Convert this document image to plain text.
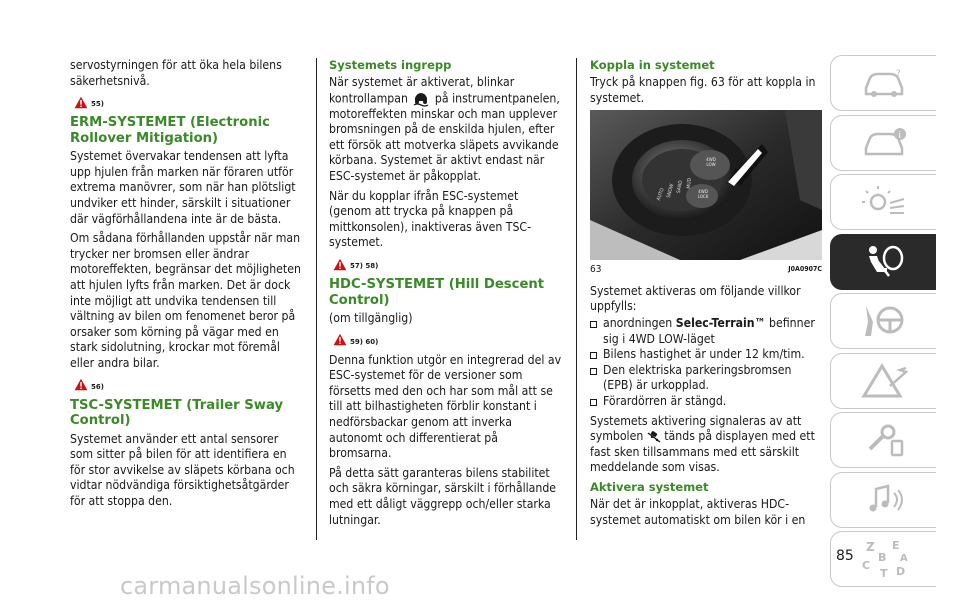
servostyrningen för att öka hela bilens säkerhetsnivå.

55)
ERM-SYSTEMET (Electronic Rollover Mitigation)

Systemet övervakar tendensen att lyfta upp hjulen från marken när föraren utför extrema manövrer, som när han plötsligt undviker ett hinder, särskilt i situationer där vägförhållandena inte är de bästa.

Om sådana förhållanden uppstår när man trycker ner bromsen eller ändrar motoreffekten, begränsar det möjligheten att hjulen lyfts från marken. Det är dock inte möjligt att undvika tendensen till vältning av bilen om fenomenet beror på orsaker som körning på vägar med en stark sidolutning, krockar mot föremål eller andra bilar.

56)
TSC-SYSTEMET (Trailer Sway Control)

Systemet använder ett antal sensorer som sitter på bilen för att identifiera en för stor avvikelse av släpets körbana och vidtar nödvändiga försiktighetsåtgärder för att stoppa den.

Systemets ingrepp

När systemet är aktiverat, blinkar kontrollampan på instrumentpanelen, motoreffekten minskar och man upplever bromsningen på de enskilda hjulen, efter ett försök att motverka släpets avvikande körbana. Systemet är aktivt endast när ESC-systemet är påkopplat.

När du kopplar ifrån ESC-systemet (genom att trycka på knappen på mittkonsolen), inaktiveras även TSC-systemet.

57) 58)
HDC-SYSTEMET (Hill Descent Control)

(om tillgänglig)

59) 60)

Denna funktion utgör en integrerad del av ESC-systemet för de versioner som försetts med den och har som mål att se till att bilhastigheten förblir konstant i nedförsbackar genom att inverka autonomt och differentierat på bromsarna.

På detta sätt garanteras bilens stabilitet och säkra körningar, särskilt i förhållande med ett dåligt väggrepp och/eller starka lutningar.

Koppla in systemet

Tryck på knappen fig. 63 för att koppla in systemet.

AUTO SNOW SAND MUD
4WD LOW
4WD LOCK
63	J0A0907C

Systemet aktiveras om följande villkor uppfylls:

anordningen Selec-Terrain™ befinner sig i 4WD LOW-läget
Bilens hastighet är under 12 km/tim.
Den elektriska parkeringsbromsen (EPB) är urkopplad.
Förardörren är stängd.

Systemets aktivering signaleras av att symbolen tänds på displayen med ett fast sken tillsammans med ett särskilt meddelande som visas.

Aktivera systemet

När det är inkopplat, aktiveras HDC-systemet automatiskt om bilen kör i en

?
i
Z E
B A
C
T D
85
carmanualsonline.info
